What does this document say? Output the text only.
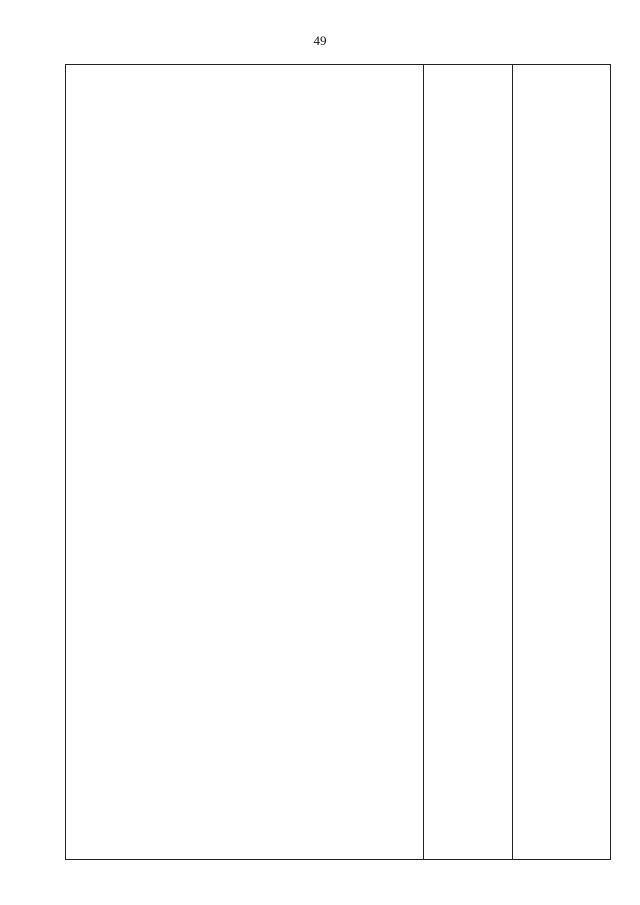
49
